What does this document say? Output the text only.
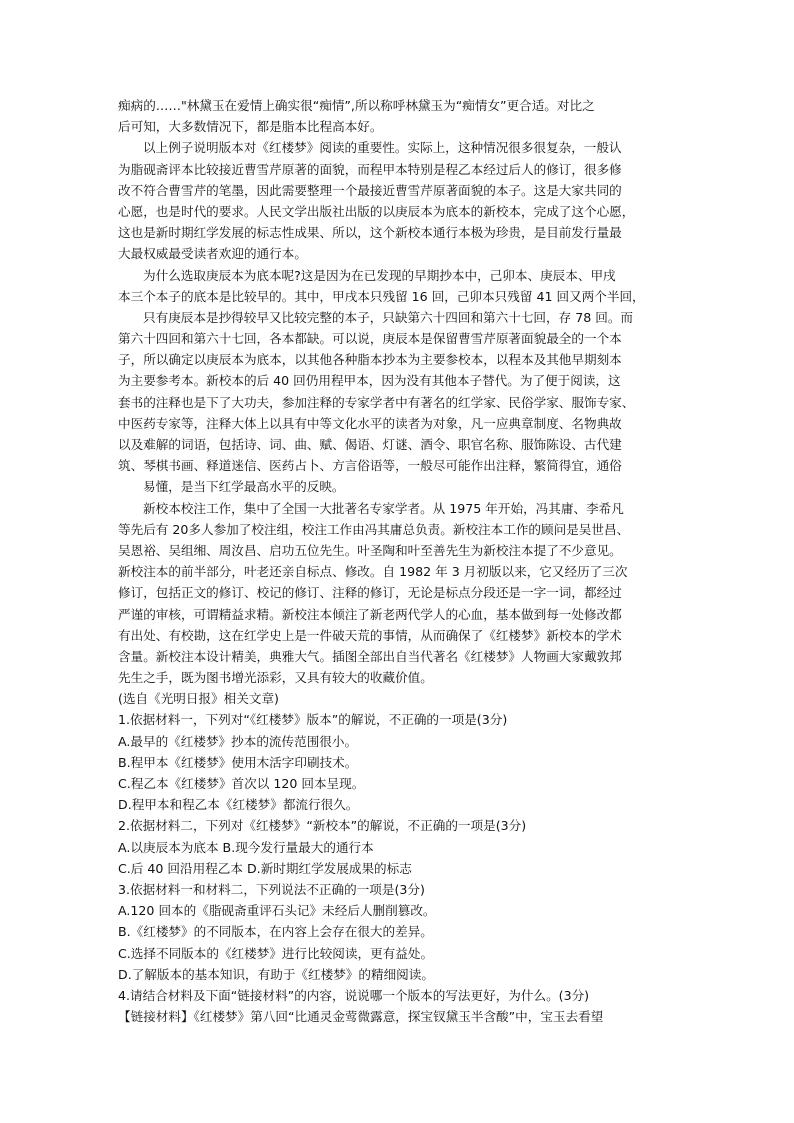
痴病的……"林黛玉在爱情上确实很“痴情”,所以称呼林黛玉为“痴情女”更合适。对比之
后可知，大多数情况下，都是脂本比程高本好。
以上例子说明版本对《红楼梦》阅读的重要性。实际上，这种情况很多很复杂，一般认
为脂砚斋评本比较接近曹雪芹原著的面貌，而程甲本特别是程乙本经过后人的修订，很多修
改不符合曹雪芹的笔墨，因此需要整理一个最接近曹雪芹原著面貌的本子。这是大家共同的
心愿，也是时代的要求。人民文学出版社出版的以庚辰本为底本的新校本，完成了这个心愿，
这也是新时期红学发展的标志性成果、所以，这个新校本通行本极为珍贵，是目前发行量最
大最权威最受读者欢迎的通行本。
为什么选取庚辰本为底本呢?这是因为在已发现的早期抄本中，己卯本、庚辰本、甲戌
本三个本子的底本是比较早的。其中，甲戌本只残留 16 回，己卯本只残留 41 回又两个半回，
只有庚辰本是抄得较早又比较完整的本子，只缺第六十四回和第六十七回，存 78 回。而
第六十四回和第六十七回，各本都缺。可以说，庚辰本是保留曹雪芹原著面貌最全的一个本
子，所以确定以庚辰本为底本，以其他各种脂本抄本为主要参校本，以程本及其他早期刻本
为主要参考本。新校本的后 40 回仍用程甲本，因为没有其他本子替代。为了便于阅读，这
套书的注释也是下了大功夫，参加注释的专家学者中有著名的红学家、民俗学家、服饰专家、
中医药专家等，注释大体上以具有中等文化水平的读者为对象，凡一应典章制度、名物典故
以及难解的词语，包括诗、词、曲、赋、偈语、灯谜、酒令、职官名称、服饰陈设、古代建
筑、琴棋书画、释道迷信、医药占卜、方言俗语等，一般尽可能作出注释，繁简得宜，通俗
易懂，是当下红学最高水平的反映。
新校本校注工作，集中了全国一大批著名专家学者。从 1975 年开始，冯其庸、李希凡
等先后有 20多人参加了校注组，校注工作由冯其庸总负责。新校注本工作的顾问是吴世昌、
吴恩裕、吴组缃、周汝昌、启功五位先生。叶圣陶和叶至善先生为新校注本提了不少意见。
新校注本的前半部分，叶老还亲自标点、修改。自 1982 年 3 月初版以来，它又经历了三次
修订，包括正文的修订、校记的修订、注释的修订，无论是标点分段还是一字一词，都经过
严谨的审核，可谓精益求精。新校注本倾注了新老两代学人的心血，基本做到每一处修改都
有出处、有校勘，这在红学史上是一件破天荒的事情，从而确保了《红楼梦》新校本的学术
含量。新校注本设计精美，典雅大气。插图全部出自当代著名《红楼梦》人物画大家戴敦邦
先生之手，既为图书增光添彩，又具有较大的收藏价值。
(选自《光明日报》相关文章)
1.依据材料一，下列对“《红楼梦》版本”的解说，不正确的一项是(3分)
A.最早的《红楼梦》抄本的流传范围很小。
B.程甲本《红楼梦》使用木活字印刷技术。
C.程乙本《红楼梦》首次以 120 回本呈现。
D.程甲本和程乙本《红楼梦》都流行很久。
2.依据材料二，下列对《红楼梦》“新校本”的解说，不正确的一项是(3分)
A.以庚辰本为底本 B.现今发行量最大的通行本
C.后 40 回沿用程乙本 D.新时期红学发展成果的标志
3.依据材料一和材料二，下列说法不正确的一项是(3分)
A.120 回本的《脂砚斋重评石头记》未经后人删削篡改。
B.《红楼梦》的不同版本，在内容上会存在很大的差异。
C.选择不同版本的《红楼梦》进行比较阅读，更有益处。
D.了解版本的基本知识，有助于《红楼梦》的精细阅读。
4.请结合材料及下面“链接材料”的内容，说说哪一个版本的写法更好，为什么。(3分)
【链接材料】《红楼梦》第八回“比通灵金莺微露意，探宝钗黛玉半含酸”中，宝玉去看望
